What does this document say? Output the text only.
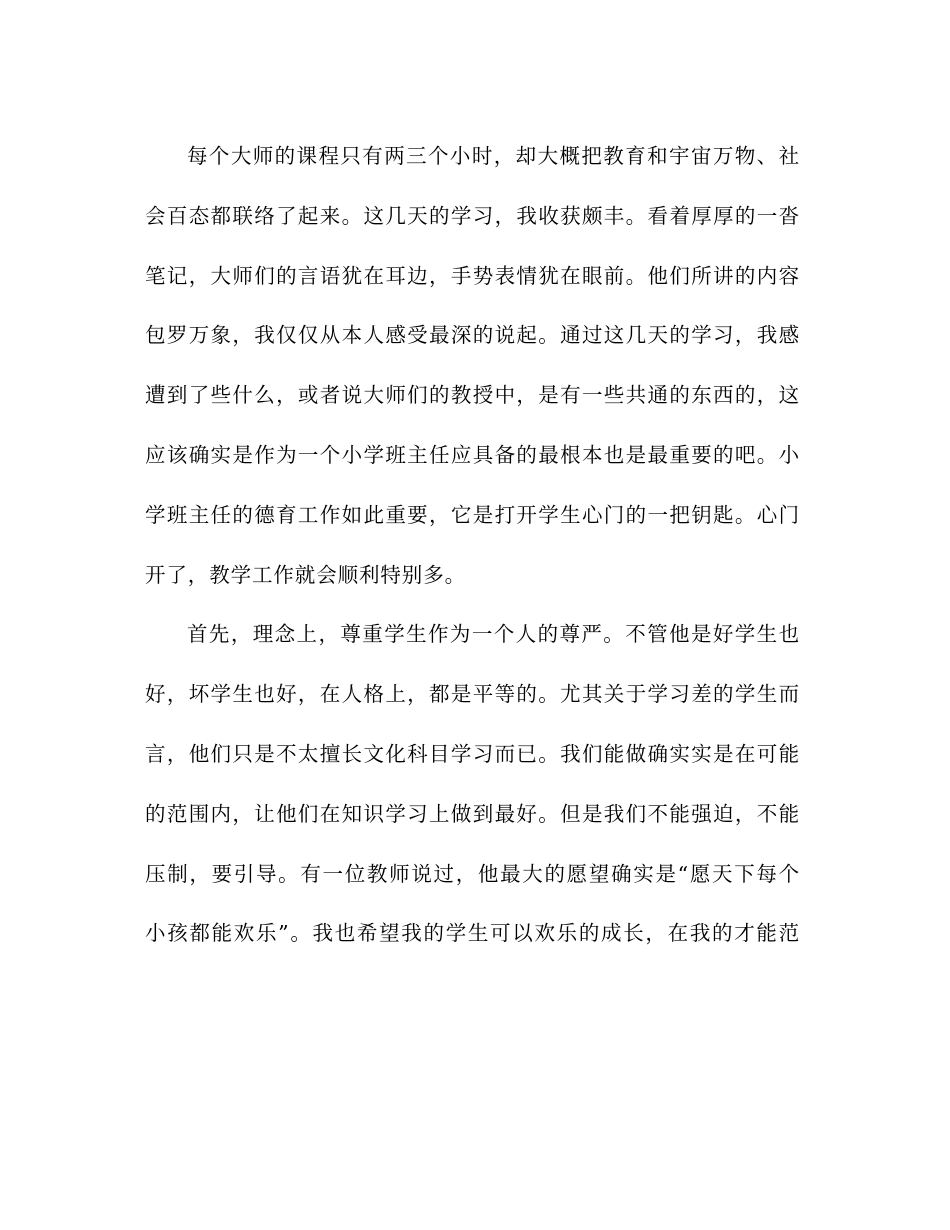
每个大师的课程只有两三个小时，却大概把教育和宇宙万物、社
会百态都联络了起来。这几天的学习，我收获颇丰。看着厚厚的一沓
笔记，大师们的言语犹在耳边，手势表情犹在眼前。他们所讲的内容
包罗万象，我仅仅从本人感受最深的说起。通过这几天的学习，我感
遭到了些什么，或者说大师们的教授中，是有一些共通的东西的，这
应该确实是作为一个小学班主任应具备的最根本也是最重要的吧。小
学班主任的德育工作如此重要，它是打开学生心门的一把钥匙。心门
开了，教学工作就会顺利特别多。
首先，理念上，尊重学生作为一个人的尊严。不管他是好学生也
好，坏学生也好，在人格上，都是平等的。尤其关于学习差的学生而
言，他们只是不太擅长文化科目学习而已。我们能做确实实是在可能
的范围内，让他们在知识学习上做到最好。但是我们不能强迫，不能
压制，要引导。有一位教师说过，他最大的愿望确实是“愿天下每个
小孩都能欢乐”。我也希望我的学生可以欢乐的成长，在我的才能范
